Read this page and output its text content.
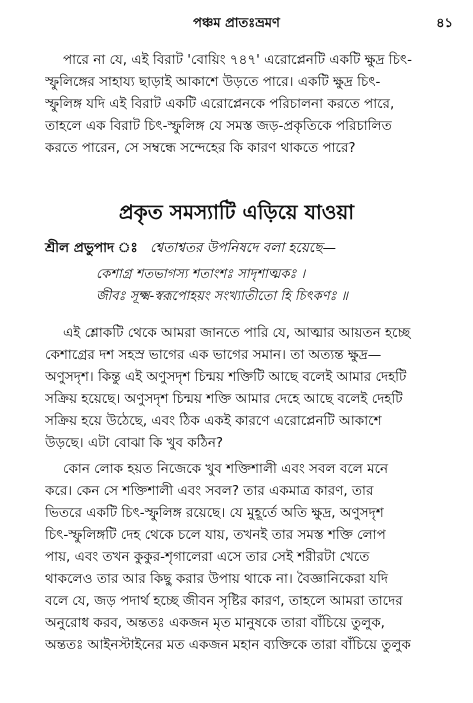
পঞ্চম প্রাতঃভ্রমণ	৪১
পারে না যে, এই বিরাট 'বোয়িং ৭৪৭' এরোপ্লেনটি একটি ক্ষুদ্র চিৎ-
স্ফুলিঙ্গের সাহায্য ছাড়াই আকাশে উড়তে পারে। একটি ক্ষুদ্র চিৎ-
স্ফুলিঙ্গ যদি এই বিরাট একটি এরোপ্লেনকে পরিচালনা করতে পারে,
তাহলে এক বিরাট চিৎ-স্ফুলিঙ্গ যে সমস্ত জড়-প্রকৃতিকে পরিচালিত
করতে পারেন, সে সম্বন্ধে সন্দেহের কি কারণ থাকতে পারে?
প্রকৃত সমস্যাটি এড়িয়ে যাওয়া
শ্রীল প্রভুপাদ ঃ শ্বেতাশ্বতর উপনিষদে বলা হয়েছে—
কেশাগ্র শতভাগস্য শতাংশঃ সাদৃশাত্মকঃ ।
জীবঃ সূক্ষ্ম-স্বরূপোহয়ং সংখ্যাতীতো হি চিৎকণঃ ॥
এই শ্লোকটি থেকে আমরা জানতে পারি যে, আত্মার আয়তন হচ্ছে
কেশাগ্রের দশ সহস্র ভাগের এক ভাগের সমান। তা অত্যন্ত ক্ষুদ্র—
অণুসদৃশ। কিন্তু এই অণুসদৃশ চিন্ময় শক্তিটি আছে বলেই আমার দেহটি
সক্রিয় হয়েছে। অণুসদৃশ চিন্ময় শক্তি আমার দেহে আছে বলেই দেহটি
সক্রিয় হয়ে উঠেছে, এবং ঠিক একই কারণে এরোপ্লেনটি আকাশে
উড়ছে। এটা বোঝা কি খুব কঠিন?
কোন লোক হয়ত নিজেকে খুব শক্তিশালী এবং সবল বলে মনে
করে। কেন সে শক্তিশালী এবং সবল? তার একমাত্র কারণ, তার
ভিতরে একটি চিৎ-স্ফুলিঙ্গ রয়েছে। যে মুহূর্তে অতি ক্ষুদ্র, অণুসদৃশ
চিৎ-স্ফুলিঙ্গটি দেহ থেকে চলে যায়, তখনই তার সমস্ত শক্তি লোপ
পায়, এবং তখন কুকুর-শৃগালেরা এসে তার সেই শরীরটা খেতে
থাকলেও তার আর কিছু করার উপায় থাকে না। বৈজ্ঞানিকেরা যদি
বলে যে, জড় পদার্থ হচ্ছে জীবন সৃষ্টির কারণ, তাহলে আমরা তাদের
অনুরোধ করব, অন্ততঃ একজন মৃত মানুষকে তারা বাঁচিয়ে তুলুক,
অন্ততঃ আইনস্টাইনের মত একজন মহান ব্যক্তিকে তারা বাঁচিয়ে তুলুক
